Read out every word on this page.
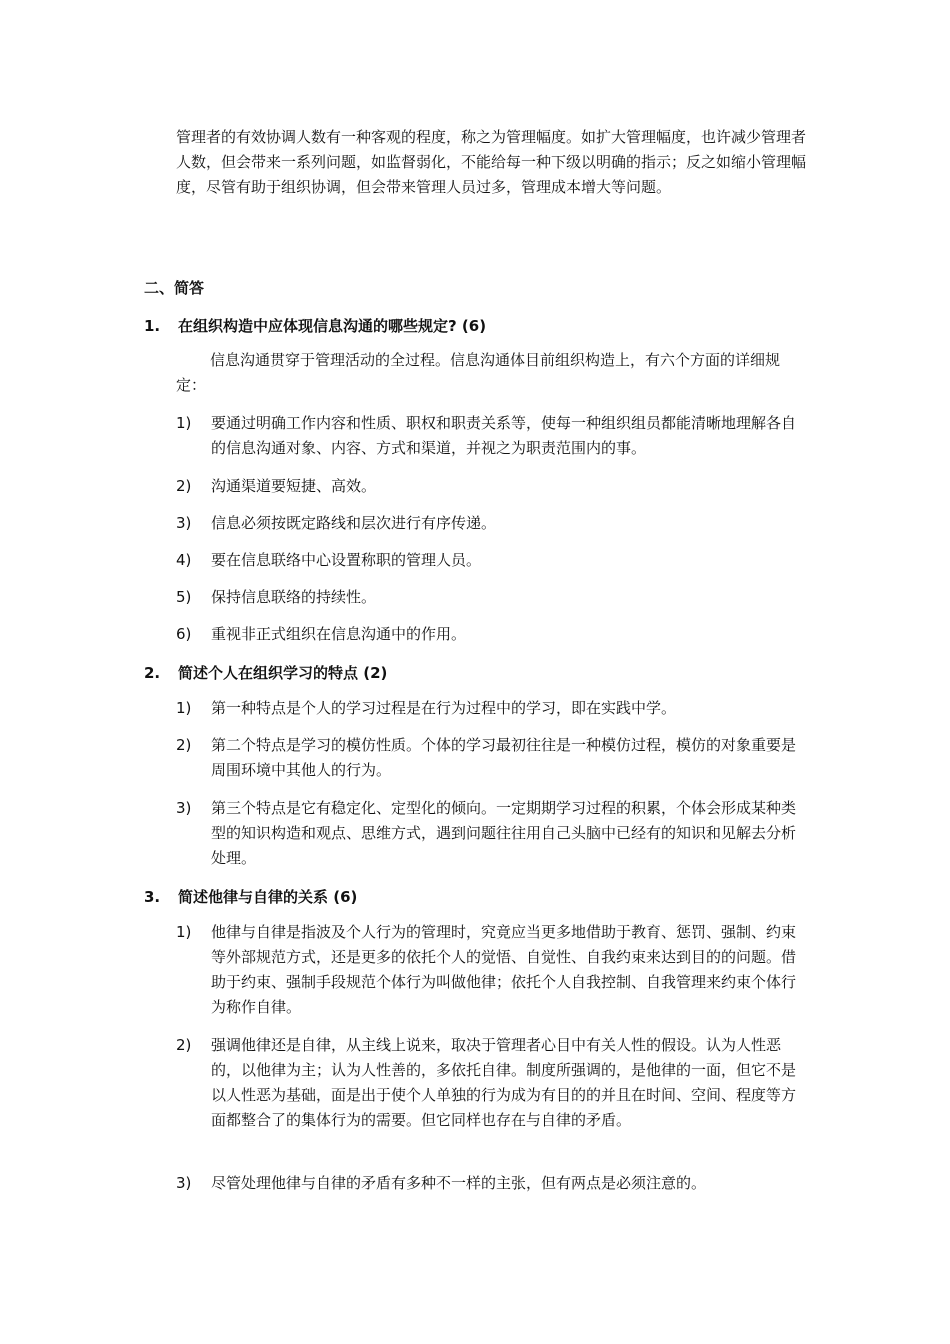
管理者的有效协调人数有一种客观的程度，称之为管理幅度。如扩大管理幅度，也许减少管理者人数，但会带来一系列问题，如监督弱化，不能给每一种下级以明确的指示；反之如缩小管理幅度，尽管有助于组织协调，但会带来管理人员过多，管理成本增大等问题。

二、简答

1. 在组织构造中应体现信息沟通的哪些规定? (6)

信息沟通贯穿于管理活动的全过程。信息沟通体目前组织构造上，有六个方面的详细规定：

1)	要通过明确工作内容和性质、职权和职责关系等，使每一种组织组员都能清晰地理解各自的信息沟通对象、内容、方式和渠道，并视之为职责范围内的事。
2)	沟通渠道要短捷、高效。
3)	信息必须按既定路线和层次进行有序传递。
4)	要在信息联络中心设置称职的管理人员。
5)	保持信息联络的持续性。
6)	重视非正式组织在信息沟通中的作用。

2. 简述个人在组织学习的特点 (2)

1)	第一种特点是个人的学习过程是在行为过程中的学习，即在实践中学。
2)	第二个特点是学习的模仿性质。个体的学习最初往往是一种模仿过程，模仿的对象重要是周围环境中其他人的行为。
3)	第三个特点是它有稳定化、定型化的倾向。一定期期学习过程的积累，个体会形成某种类型的知识构造和观点、思维方式，遇到问题往往用自己头脑中已经有的知识和见解去分析处理。

3. 简述他律与自律的关系 (6)

1)	他律与自律是指波及个人行为的管理时，究竟应当更多地借助于教育、惩罚、强制、约束等外部规范方式，还是更多的依托个人的觉悟、自觉性、自我约束来达到目的的问题。借助于约束、强制手段规范个体行为叫做他律；依托个人自我控制、自我管理来约束个体行为称作自律。
2)	强调他律还是自律，从主线上说来，取决于管理者心目中有关人性的假设。认为人性恶的，以他律为主；认为人性善的，多依托自律。制度所强调的，是他律的一面，但它不是以人性恶为基础，面是出于使个人单独的行为成为有目的的并且在时间、空间、程度等方面都整合了的集体行为的需要。但它同样也存在与自律的矛盾。
3)	尽管处理他律与自律的矛盾有多种不一样的主张，但有两点是必须注意的。
